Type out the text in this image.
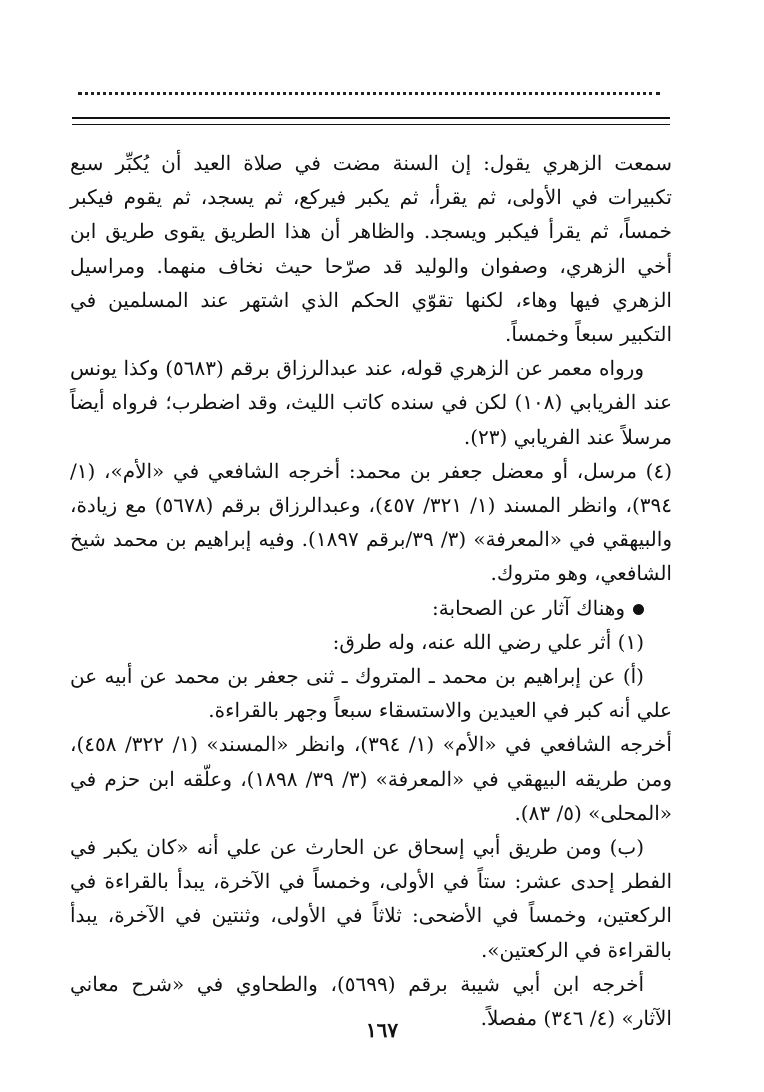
سمعت الزهري يقول: إن السنة مضت في صلاة العيد أن يُكبِّر سبع تكبيرات في الأولى، ثم يقرأ، ثم يكبر فيركع، ثم يسجد، ثم يقوم فيكبر خمساً، ثم يقرأ فيكبر ويسجد. والظاهر أن هذا الطريق يقوى طريق ابن أخي الزهري، وصفوان والوليد قد صرّحا حيث نخاف منهما. ومراسيل الزهري فيها وهاء، لكنها تقوّي الحكم الذي اشتهر عند المسلمين في التكبير سبعاً وخمساً.

ورواه معمر عن الزهري قوله، عند عبدالرزاق برقم (٥٦٨٣) وكذا يونس عند الفريابي (١٠٨) لكن في سنده كاتب الليث، وقد اضطرب؛ فرواه أيضاً مرسلاً عند الفريابي (٢٣).

(٤) مرسل، أو معضل جعفر بن محمد: أخرجه الشافعي في «الأم»، (١/ ٣٩٤)، وانظر المسند (١/ ٣٢١/ ٤٥٧)، وعبدالرزاق برقم (٥٦٧٨) مع زيادة، والبيهقي في «المعرفة» (٣/ ٣٩/برقم ١٨٩٧). وفيه إبراهيم بن محمد شيخ الشافعي، وهو متروك.

وهناك آثار عن الصحابة:

(١) أثر علي رضي الله عنه، وله طرق:

(أ) عن إبراهيم بن محمد ـ المتروك ـ ثنى جعفر بن محمد عن أبيه عن علي أنه كبر في العيدين والاستسقاء سبعاً وجهر بالقراءة.

أخرجه الشافعي في «الأم» (١/ ٣٩٤)، وانظر «المسند» (١/ ٣٢٢/ ٤٥٨)، ومن طريقه البيهقي في «المعرفة» (٣/ ٣٩/ ١٨٩٨)، وعلّقه ابن حزم في «المحلى» (٥/ ٨٣).

(ب) ومن طريق أبي إسحاق عن الحارث عن علي أنه «كان يكبر في الفطر إحدى عشر: ستاً في الأولى، وخمساً في الآخرة، يبدأ بالقراءة في الركعتين، وخمساً في الأضحى: ثلاثاً في الأولى، وثنتين في الآخرة، يبدأ بالقراءة في الركعتين».

أخرجه ابن أبي شيبة برقم (٥٦٩٩)، والطحاوي في «شرح معاني الآثار» (٤/ ٣٤٦) مفصلاً.

١٦٧
